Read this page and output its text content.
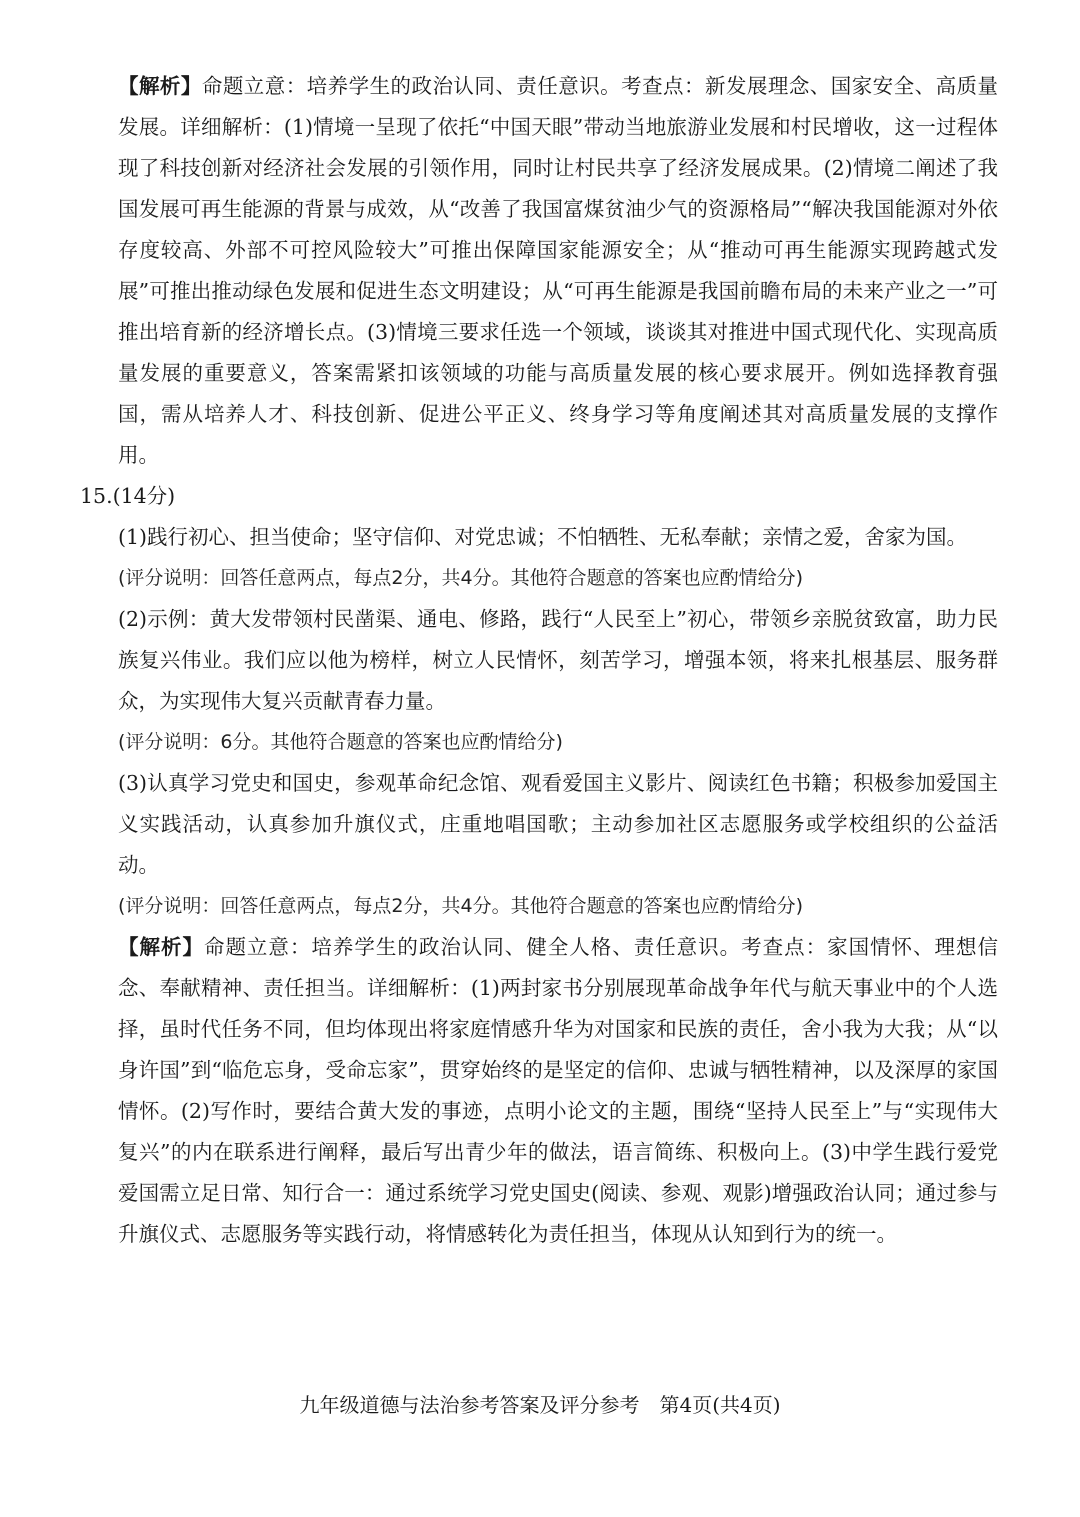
【解析】命题立意：培养学生的政治认同、责任意识。考查点：新发展理念、国家安全、高质量发展。详细解析：(1)情境一呈现了依托“中国天眼”带动当地旅游业发展和村民增收，这一过程体现了科技创新对经济社会发展的引领作用，同时让村民共享了经济发展成果。(2)情境二阐述了我国发展可再生能源的背景与成效，从“改善了我国富煤贫油少气的资源格局”“解决我国能源对外依存度较高、外部不可控风险较大”可推出保障国家能源安全；从“推动可再生能源实现跨越式发展”可推出推动绿色发展和促进生态文明建设；从“可再生能源是我国前瞻布局的未来产业之一”可推出培育新的经济增长点。(3)情境三要求任选一个领域，谈谈其对推进中国式现代化、实现高质量发展的重要意义，答案需紧扣该领域的功能与高质量发展的核心要求展开。例如选择教育强国，需从培养人才、科技创新、促进公平正义、终身学习等角度阐述其对高质量发展的支撑作用。

15.(14分)

(1)践行初心、担当使命；坚守信仰、对党忠诚；不怕牺牲、无私奉献；亲情之爱，舍家为国。

(评分说明：回答任意两点，每点2分，共4分。其他符合题意的答案也应酌情给分)

(2)示例：黄大发带领村民凿渠、通电、修路，践行“人民至上”初心，带领乡亲脱贫致富，助力民族复兴伟业。我们应以他为榜样，树立人民情怀，刻苦学习，增强本领，将来扎根基层、服务群众，为实现伟大复兴贡献青春力量。

(评分说明：6分。其他符合题意的答案也应酌情给分)

(3)认真学习党史和国史，参观革命纪念馆、观看爱国主义影片、阅读红色书籍；积极参加爱国主义实践活动，认真参加升旗仪式，庄重地唱国歌；主动参加社区志愿服务或学校组织的公益活动。

(评分说明：回答任意两点，每点2分，共4分。其他符合题意的答案也应酌情给分)

【解析】命题立意：培养学生的政治认同、健全人格、责任意识。考查点：家国情怀、理想信念、奉献精神、责任担当。详细解析：(1)两封家书分别展现革命战争年代与航天事业中的个人选择，虽时代任务不同，但均体现出将家庭情感升华为对国家和民族的责任，舍小我为大我；从“以身许国”到“临危忘身，受命忘家”，贯穿始终的是坚定的信仰、忠诚与牺牲精神，以及深厚的家国情怀。(2)写作时，要结合黄大发的事迹，点明小论文的主题，围绕“坚持人民至上”与“实现伟大复兴”的内在联系进行阐释，最后写出青少年的做法，语言简练、积极向上。(3)中学生践行爱党爱国需立足日常、知行合一：通过系统学习党史国史(阅读、参观、观影)增强政治认同；通过参与升旗仪式、志愿服务等实践行动，将情感转化为责任担当，体现从认知到行为的统一。

九年级道德与法治参考答案及评分参考　第4页(共4页)
